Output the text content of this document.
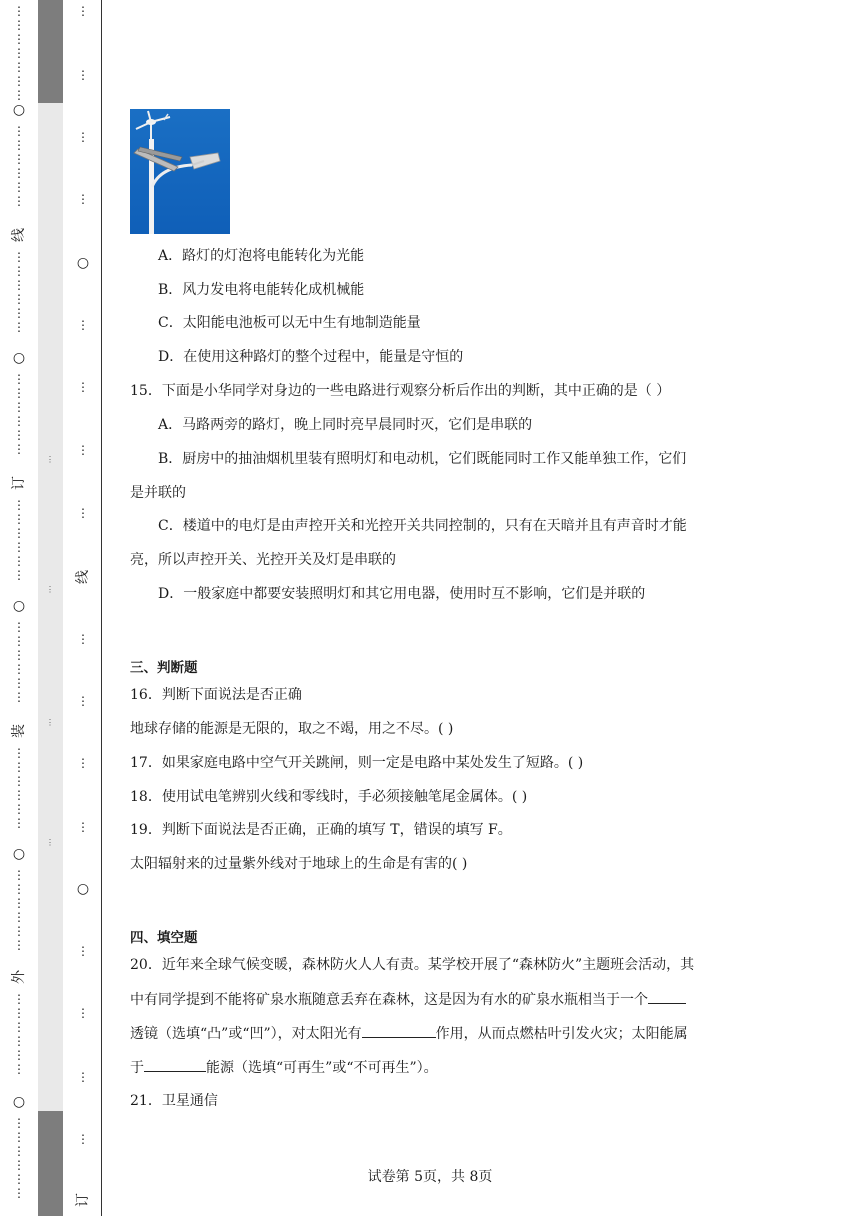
⋮
⋮
⋮
⋮
⋮
⋮
⋮
○
⋮
⋮
⋮
⋮
⋮
⋮
线
⋮
⋮
⋮
⋮
⋮
⋮
○
⋮
⋮
⋮
⋮
⋮
⋮
订
⋮
⋮
⋮
⋮
⋮
⋮
○
⋮
⋮
⋮
⋮
⋮
⋮
装
⋮
⋮
⋮
⋮
⋮
⋮
○
⋮
⋮
⋮
⋮
⋮
⋮
外
⋮
⋮
⋮
⋮
⋮
⋮
○
⋮
⋮
⋮
⋮
⋮
⋮
⋮
⋮
⋮
⋮
⋮
⋮
⋮
⋮
○
⋮
⋮
⋮
⋮
线
⋮
⋮
⋮
⋮
○
⋮
⋮
⋮
⋮
订
A．路灯的灯泡将电能转化为光能
B．风力发电将电能转化成机械能
C．太阳能电池板可以无中生有地制造能量
D．在使用这种路灯的整个过程中，能量是守恒的
15．下面是小华同学对身边的一些电路进行观察分析后作出的判断，其中正确的是（ ）
A．马路两旁的路灯，晚上同时亮早晨同时灭，它们是串联的
B．厨房中的抽油烟机里装有照明灯和电动机，它们既能同时工作又能单独工作，它们
是并联的
C．楼道中的电灯是由声控开关和光控开关共同控制的，只有在天暗并且有声音时才能
亮，所以声控开关、光控开关及灯是串联的
D．一般家庭中都要安装照明灯和其它用电器，使用时互不影响，它们是并联的
三、判断题
16．判断下面说法是否正确
地球存储的能源是无限的，取之不竭，用之不尽。( )
17．如果家庭电路中空气开关跳闸，则一定是电路中某处发生了短路。( )
18．使用试电笔辨别火线和零线时，手必须接触笔尾金属体。( )
19．判断下面说法是否正确，正确的填写 T，错误的填写 F。
太阳辐射来的过量紫外线对于地球上的生命是有害的( )
四、填空题
20．近年来全球气候变暖，森林防火人人有责。某学校开展了“森林防火”主题班会活动，其
中有同学提到不能将矿泉水瓶随意丢弃在森林，这是因为有水的矿泉水瓶相当于一个
透镜（选填“凸”或“凹”），对太阳光有	作用，从而点燃枯叶引发火灾；太阳能属
于	能源（选填“可再生”或“不可再生”）。
21．卫星通信
试卷第 5页，共 8页
